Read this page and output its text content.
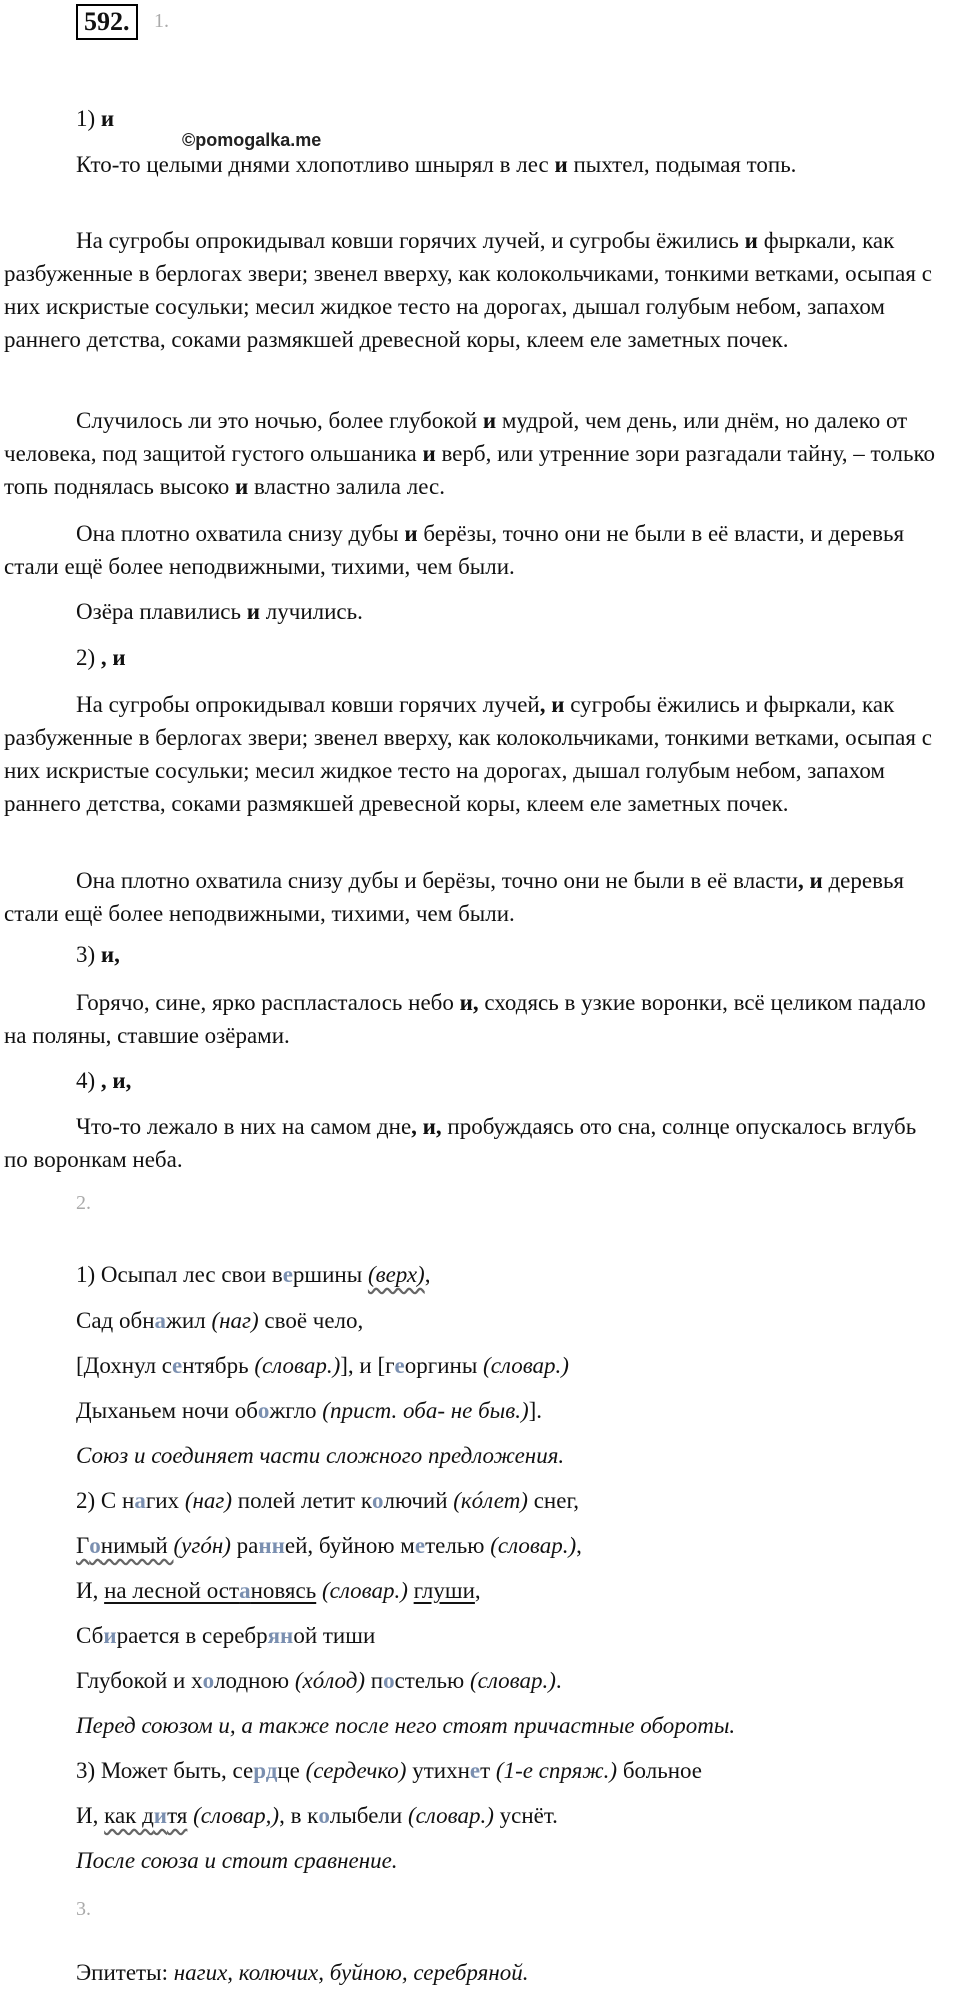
592.	1.
©pomogalka.me
1) и
Кто-то целыми днями хлопотливо шнырял в лес и пыхтел, подымая топь.
На сугробы опрокидывал ковши горячих лучей, и сугробы ёжились и фыркали, как разбуженные в берлогах звери; звенел вверху, как колокольчиками, тонкими ветками, осыпая с них искристые сосульки; месил жидкое тесто на дорогах, дышал голубым небом, запахом раннего детства, соками размякшей древесной коры, клеем еле заметных почек.
Случилось ли это ночью, более глубокой и мудрой, чем день, или днём, но далеко от человека, под защитой густого ольшаника и верб, или утренние зори разгадали тайну, – только топь поднялась высоко и властно залила лес.
Она плотно охватила снизу дубы и берёзы, точно они не были в её власти, и деревья стали ещё более неподвижными, тихими, чем были.
Озёра плавились и лучились.
2) , и
На сугробы опрокидывал ковши горячих лучей, и сугробы ёжились и фыркали, как разбуженные в берлогах звери; звенел вверху, как колокольчиками, тонкими ветками, осыпая с них искристые сосульки; месил жидкое тесто на дорогах, дышал голубым небом, запахом раннего детства, соками размякшей древесной коры, клеем еле заметных почек.
Она плотно охватила снизу дубы и берёзы, точно они не были в её власти, и деревья стали ещё более неподвижными, тихими, чем были.
3) и,
Горячо, сине, ярко распласталось небо и, сходясь в узкие воронки, всё целиком падало на поляны, ставшие озёрами.
4) , и,
Что-то лежало в них на самом дне, и, пробуждаясь ото сна, солнце опускалось вглубь по воронкам неба.
2.
1) Осыпал лес свои вершины (верх),
Сад обнажил (наг) своё чело,
[Дохнул сентябрь (словар.)], и [георгины (словар.)
Дыханьем ночи обожгло (прист. оба- не быв.)].
Союз и соединяет части сложного предложения.
2) С нагих (наг) полей летит колючий (кóлет) снег,
Гонимый (угóн) ранней, буйною метелью (словар.),
И, на лесной остановясь (словар.) глуши,
Сбирается в серебряной тиши
Глубокой и холодною (хóлод) постелью (словар.).
Перед союзом и, а также после него стоят причастные обороты.
3) Может быть, сердце (сердечко) утихнет (1-е спряж.) больное
И, как дитя (словар,), в колыбели (словар.) уснёт.
После союза и стоит сравнение.
3.
Эпитеты: нагих, колючих, буйною, серебряной.
